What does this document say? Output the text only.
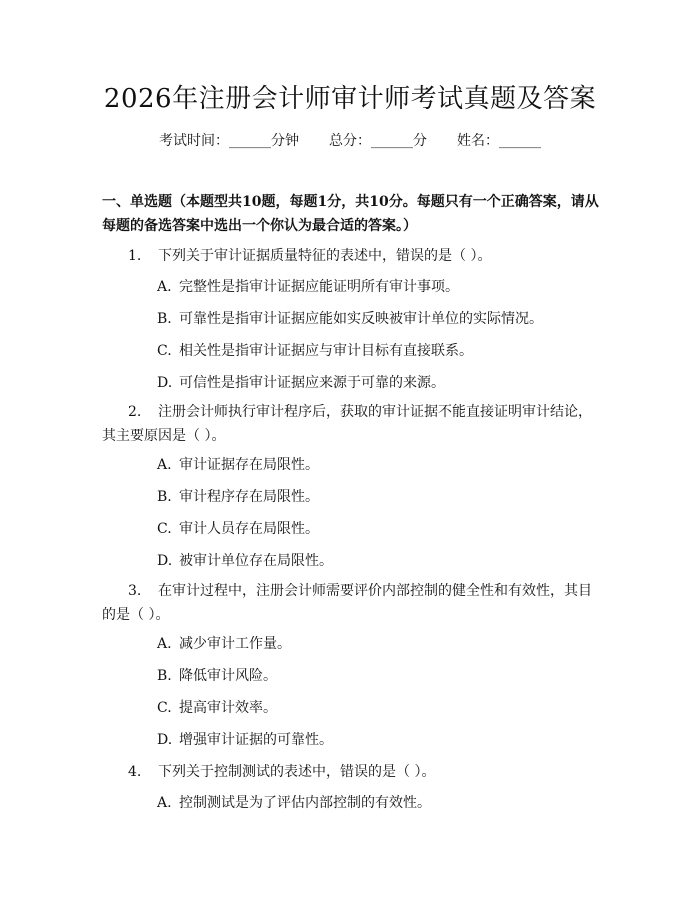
2026年注册会计师审计师考试真题及答案
考试时间：______分钟 总分：______分 姓名：______
一、单选题（本题型共10题，每题1分，共10分。每题只有一个正确答案，请从每题的备选答案中选出一个你认为最合适的答案。）
1. 下列关于审计证据质量特征的表述中，错误的是（ ）。
A. 完整性是指审计证据应能证明所有审计事项。
B. 可靠性是指审计证据应能如实反映被审计单位的实际情况。
C. 相关性是指审计证据应与审计目标有直接联系。
D. 可信性是指审计证据应来源于可靠的来源。
2. 注册会计师执行审计程序后，获取的审计证据不能直接证明审计结论，其主要原因是（ ）。
A. 审计证据存在局限性。
B. 审计程序存在局限性。
C. 审计人员存在局限性。
D. 被审计单位存在局限性。
3. 在审计过程中，注册会计师需要评价内部控制的健全性和有效性，其目的是（ ）。
A. 减少审计工作量。
B. 降低审计风险。
C. 提高审计效率。
D. 增强审计证据的可靠性。
4. 下列关于控制测试的表述中，错误的是（ ）。
A. 控制测试是为了评估内部控制的有效性。
